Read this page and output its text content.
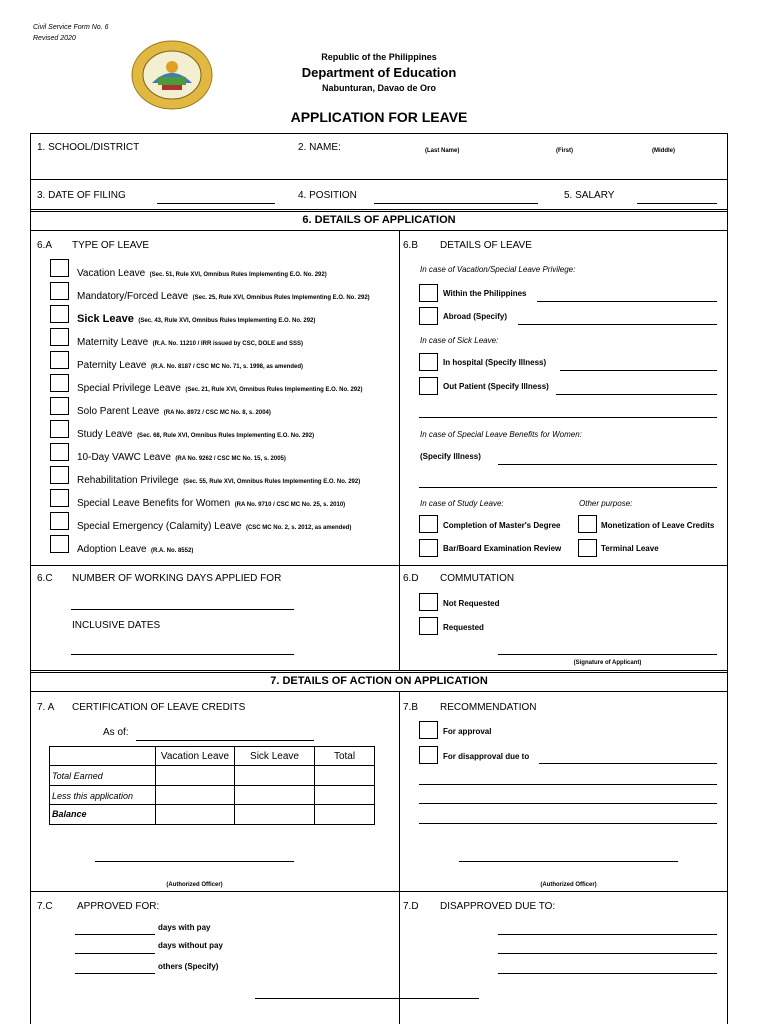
Civil Service Form No. 6
Revised 2020
Republic of the Philippines
Department of Education
Nabunturan, Davao de Oro
APPLICATION FOR LEAVE
1. SCHOOL/DISTRICT	2. NAME:	(Last Name)	(First)	(Middle)
3. DATE OF FILING	4. POSITION	5. SALARY
6. DETAILS OF APPLICATION
6.A TYPE OF LEAVE
Vacation Leave (Sec. 51, Rule XVI, Omnibus Rules Implementing E.O. No. 292)
Mandatory/Forced Leave (Sec. 25, Rule XVI, Omnibus Rules Implementing E.O. No. 292)
Sick Leave (Sec. 43, Rule XVI, Omnibus Rules Implementing E.O. No. 292)
Maternity Leave (R.A. No. 11210 / IRR issued by CSC, DOLE and SSS)
Paternity Leave (R.A. No. 8187 / CSC MC No. 71, s. 1998, as amended)
Special Privilege Leave (Sec. 21, Rule XVI, Omnibus Rules Implementing E.O. No. 292)
Solo Parent Leave (RA No. 8972 / CSC MC No. 8, s. 2004)
Study Leave (Sec. 68, Rule XVI, Omnibus Rules Implementing E.O. No. 292)
10-Day VAWC Leave (RA No. 9262 / CSC MC No. 15, s. 2005)
Rehabilitation Privilege (Sec. 55, Rule XVI, Omnibus Rules Implementing E.O. No. 292)
Special Leave Benefits for Women (RA No. 9710 / CSC MC No. 25, s. 2010)
Special Emergency (Calamity) Leave (CSC MC No. 2, s. 2012, as amended)
Adoption Leave (R.A. No. 8552)
6.B DETAILS OF LEAVE
In case of Vacation/Special Leave Privilege:
Within the Philippines
Abroad (Specify)
In case of Sick Leave:
In hospital (Specify Illness)
Out Patient (Specify Illness)
In case of Special Leave Benefits for Women:
(Specify Illness)
In case of Study Leave:	Other purpose:
Completion of Master's Degree	Monetization of Leave Credits
Bar/Board Examination Review	Terminal Leave
6.C NUMBER OF WORKING DAYS APPLIED FOR
INCLUSIVE DATES
6.D COMMUTATION
Not Requested
Requested
(Signature of Applicant)
7. DETAILS OF ACTION ON APPLICATION
7. A CERTIFICATION OF LEAVE CREDITS
As of:
Vacation Leave	Sick Leave	Total
Total Earned
Less this application
Balance
(Authorized Officer)
7.B RECOMMENDATION
For approval
For disapproval due to
(Authorized Officer)
7.C APPROVED FOR:
days with pay
days without pay
others (Specify)
7.D DISAPPROVED DUE TO:
